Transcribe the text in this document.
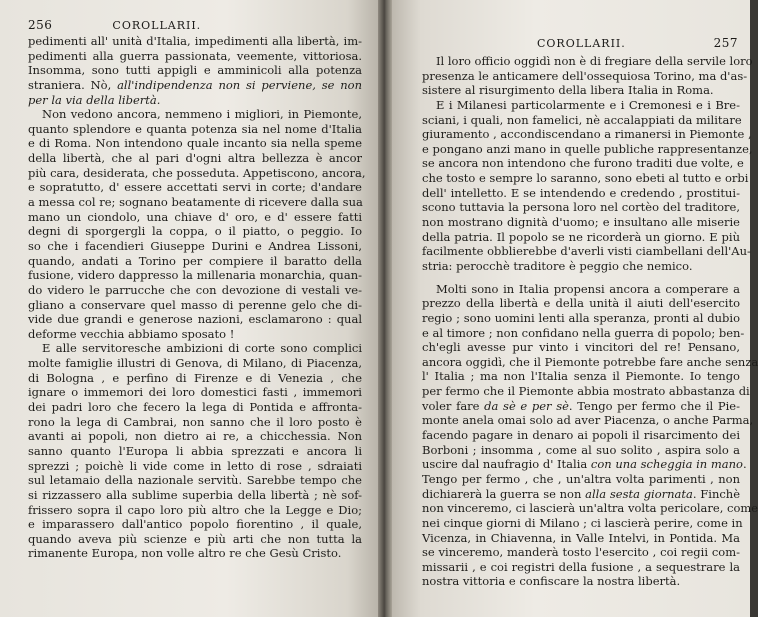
256	COROLLARII.
pedimenti all' unità d'Italia, impedimenti alla libertà, im-
pedimenti alla guerra passionata, veemente, vittoriosa.
Insomma, sono tutti appigli e amminicoli alla potenza
straniera. Nò, all'indipendenza non si perviene, se non
per la via della libertà.
Non vedono ancora, nemmeno i migliori, in Piemonte,
quanto splendore e quanta potenza sia nel nome d'Italia
e di Roma. Non intendono quale incanto sia nella speme
della libertà, che al pari d'ogni altra bellezza è ancor
più cara, desiderata, che posseduta. Appetiscono, ancora,
e sopratutto, d' essere accettati servi in corte; d'andare
a messa col re; sognano beatamente di ricevere dalla sua
mano un ciondolo, una chiave d' oro, e d' essere fatti
degni di sporgergli la coppa, o il piatto, o peggio. Io
so che i facendieri Giuseppe Durini e Andrea Lissoni,
quando, andati a Torino per compiere il baratto della
fusione, videro dappresso la millenaria monarchia, quan-
do videro le parrucche che con devozione di vestali ve-
gliano a conservare quel masso di perenne gelo che di-
vide due grandi e generose nazioni, esclamarono : qual
deforme vecchia abbiamo sposato !
E alle servitoresche ambizioni di corte sono complici
molte famiglie illustri di Genova, di Milano, di Piacenza,
di Bologna , e perfino di Firenze e di Venezia , che
ignare o immemori dei loro domestici fasti , immemori
dei padri loro che fecero la lega di Pontida e affronta-
rono la lega di Cambrai, non sanno che il loro posto è
avanti ai popoli, non dietro ai re, a chicchessia. Non
sanno quanto l'Europa li abbia sprezzati e ancora li
sprezzi ; poichè li vide come in letto di rose , sdraiati
sul letamaio della nazionale servitù. Sarebbe tempo che
si rizzassero alla sublime superbia della libertà ; nè sof-
frissero sopra il capo loro più altro che la Legge e Dio;
e imparassero dall'antico popolo fiorentino , il quale,
quando aveva più scienze e più arti che non tutta la
rimanente Europa, non volle altro re che Gesù Cristo.
COROLLARII.	257
Il loro officio oggidì non è di fregiare della servile loro
presenza le anticamere dell'ossequiosa Torino, ma d'as-
sistere al risurgimento della libera Italia in Roma.
E i Milanesi particolarmente e i Cremonesi e i Bre-
sciani, i quali, non famelici, nè accalappiati da militare
giuramento , accondiscendano a rimanersi in Piemonte ,
e pongano anzi mano in quelle publiche rappresentanze,
se ancora non intendono che furono traditi due volte, e
che tosto e sempre lo saranno, sono ebeti al tutto e orbi
dell' intelletto. E se intendendo e credendo , prostitui-
scono tuttavia la persona loro nel cortèo del traditore,
non mostrano dignità d'uomo; e insultano alle miserie
della patria. Il popolo se ne ricorderà un giorno. E più
facilmente obblierebbe d'averli visti ciambellani dell'Au-
stria: perocchè traditore è peggio che nemico.
Molti sono in Italia propensi ancora a comperare a
prezzo della libertà e della unità il aiuti dell'esercito
regio ; sono uomini lenti alla speranza, pronti al dubio
e al timore ; non confidano nella guerra di popolo; ben-
ch'egli avesse pur vinto i vincitori del re! Pensano,
ancora oggidì, che il Piemonte potrebbe fare anche senza
l' Italia ; ma non l'Italia senza il Piemonte. Io tengo
per fermo che il Piemonte abbia mostrato abbastanza di
voler fare da sè e per sè. Tengo per fermo che il Pie-
monte anela omai solo ad aver Piacenza, o anche Parma,
facendo pagare in denaro ai popoli il risarcimento dei
Borboni ; insomma , come al suo solito , aspira solo a
uscire dal naufragio d' Italia con una scheggia in mano.
Tengo per fermo , che , un'altra volta parimenti , non
dichiarerà la guerra se non alla sesta giornata. Finchè
non vinceremo, ci lascierà un'altra volta pericolare, come
nei cinque giorni di Milano ; ci lascierà perire, come in
Vicenza, in Chiavenna, in Valle Intelvi, in Pontida. Ma
se vinceremo, manderà tosto l'esercito , coi regii com-
missarii , e coi registri della fusione , a sequestrare la
nostra vittoria e confiscare la nostra libertà.
